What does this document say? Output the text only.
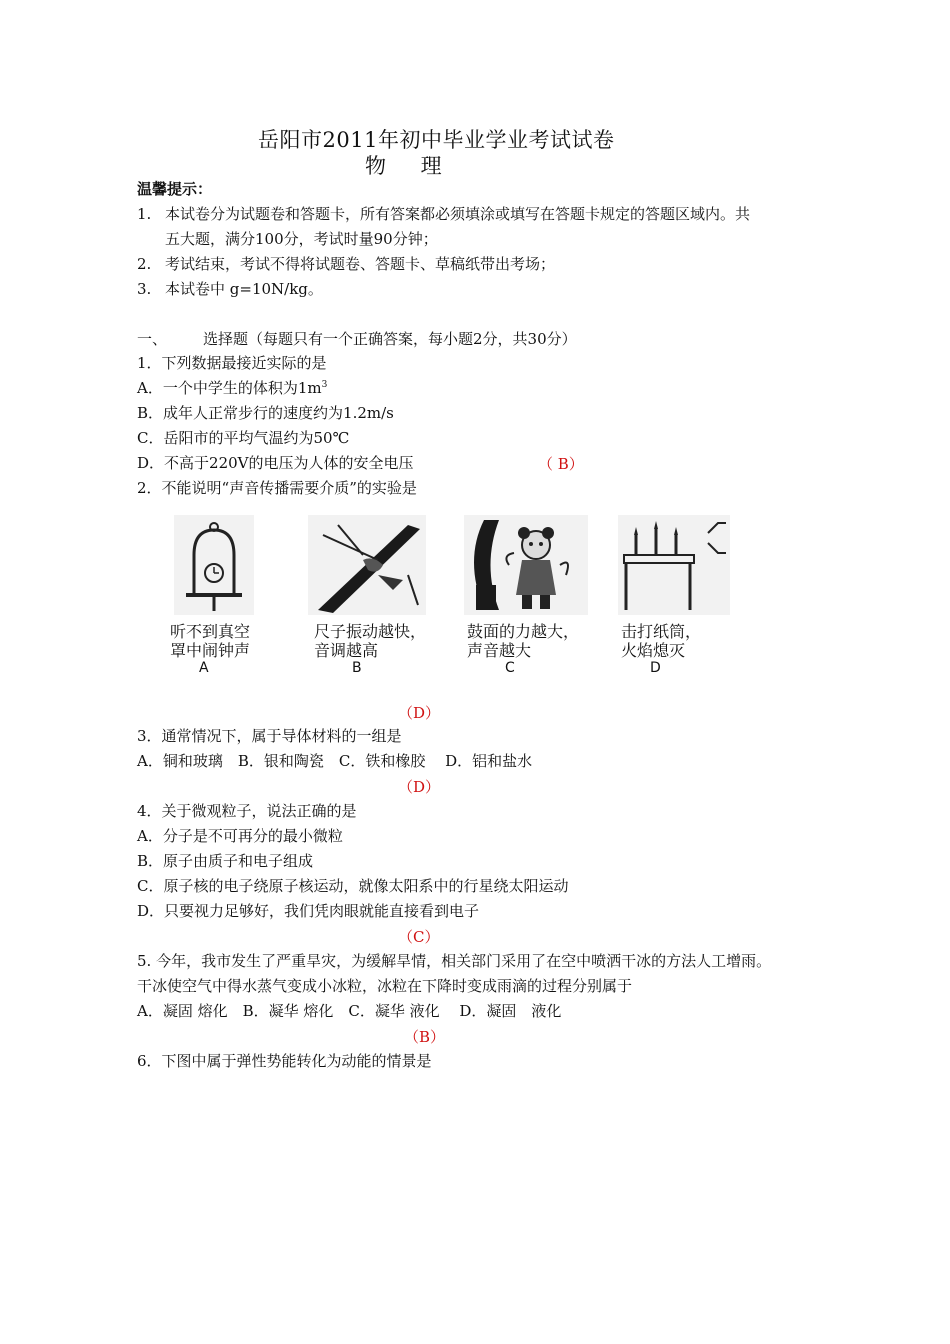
岳阳市2011年初中毕业学业考试试卷
物 理
温馨提示：
1. 本试卷分为试题卷和答题卡，所有答案都必须填涂或填写在答题卡规定的答题区域内。共
五大题，满分100分，考试时量90分钟；
2. 考试结束，考试不得将试题卷、答题卡、草稿纸带出考场；
3. 本试卷中 g=10N/kg。
一、 选择题（每题只有一个正确答案，每小题2分，共30分）
1．下列数据最接近实际的是
A．一个中学生的体积为$1m^3$
B．成年人正常步行的速度约为1.2m/s
C．岳阳市的平均气温约为50℃
D．不高于220V的电压为人体的安全电压	（ B）
2．不能说明“声音传播需要介质”的实验是
听不到真空
罩中闹钟声
A
尺子振动越快，
音调越高
B
鼓面的力越大，
声音越大
C
击打纸筒，
火焰熄灭
D
（D）
3．通常情况下，属于导体材料的一组是
A．铜和玻璃　B．银和陶瓷　C．铁和橡胶　 D．铝和盐水
（D）
4．关于微观粒子，说法正确的是
A．分子是不可再分的最小微粒
B．原子由质子和电子组成
C．原子核的电子绕原子核运动，就像太阳系中的行星绕太阳运动
D．只要视力足够好，我们凭肉眼就能直接看到电子
（C）
5. 今年，我市发生了严重旱灾，为缓解旱情，相关部门采用了在空中喷洒干冰的方法人工增雨。
干冰使空气中得水蒸气变成小冰粒，冰粒在下降时变成雨滴的过程分别属于
A．凝固 熔化　B．凝华 熔化　C．凝华 液化　 D．凝固　液化
（B）
6．下图中属于弹性势能转化为动能的情景是
